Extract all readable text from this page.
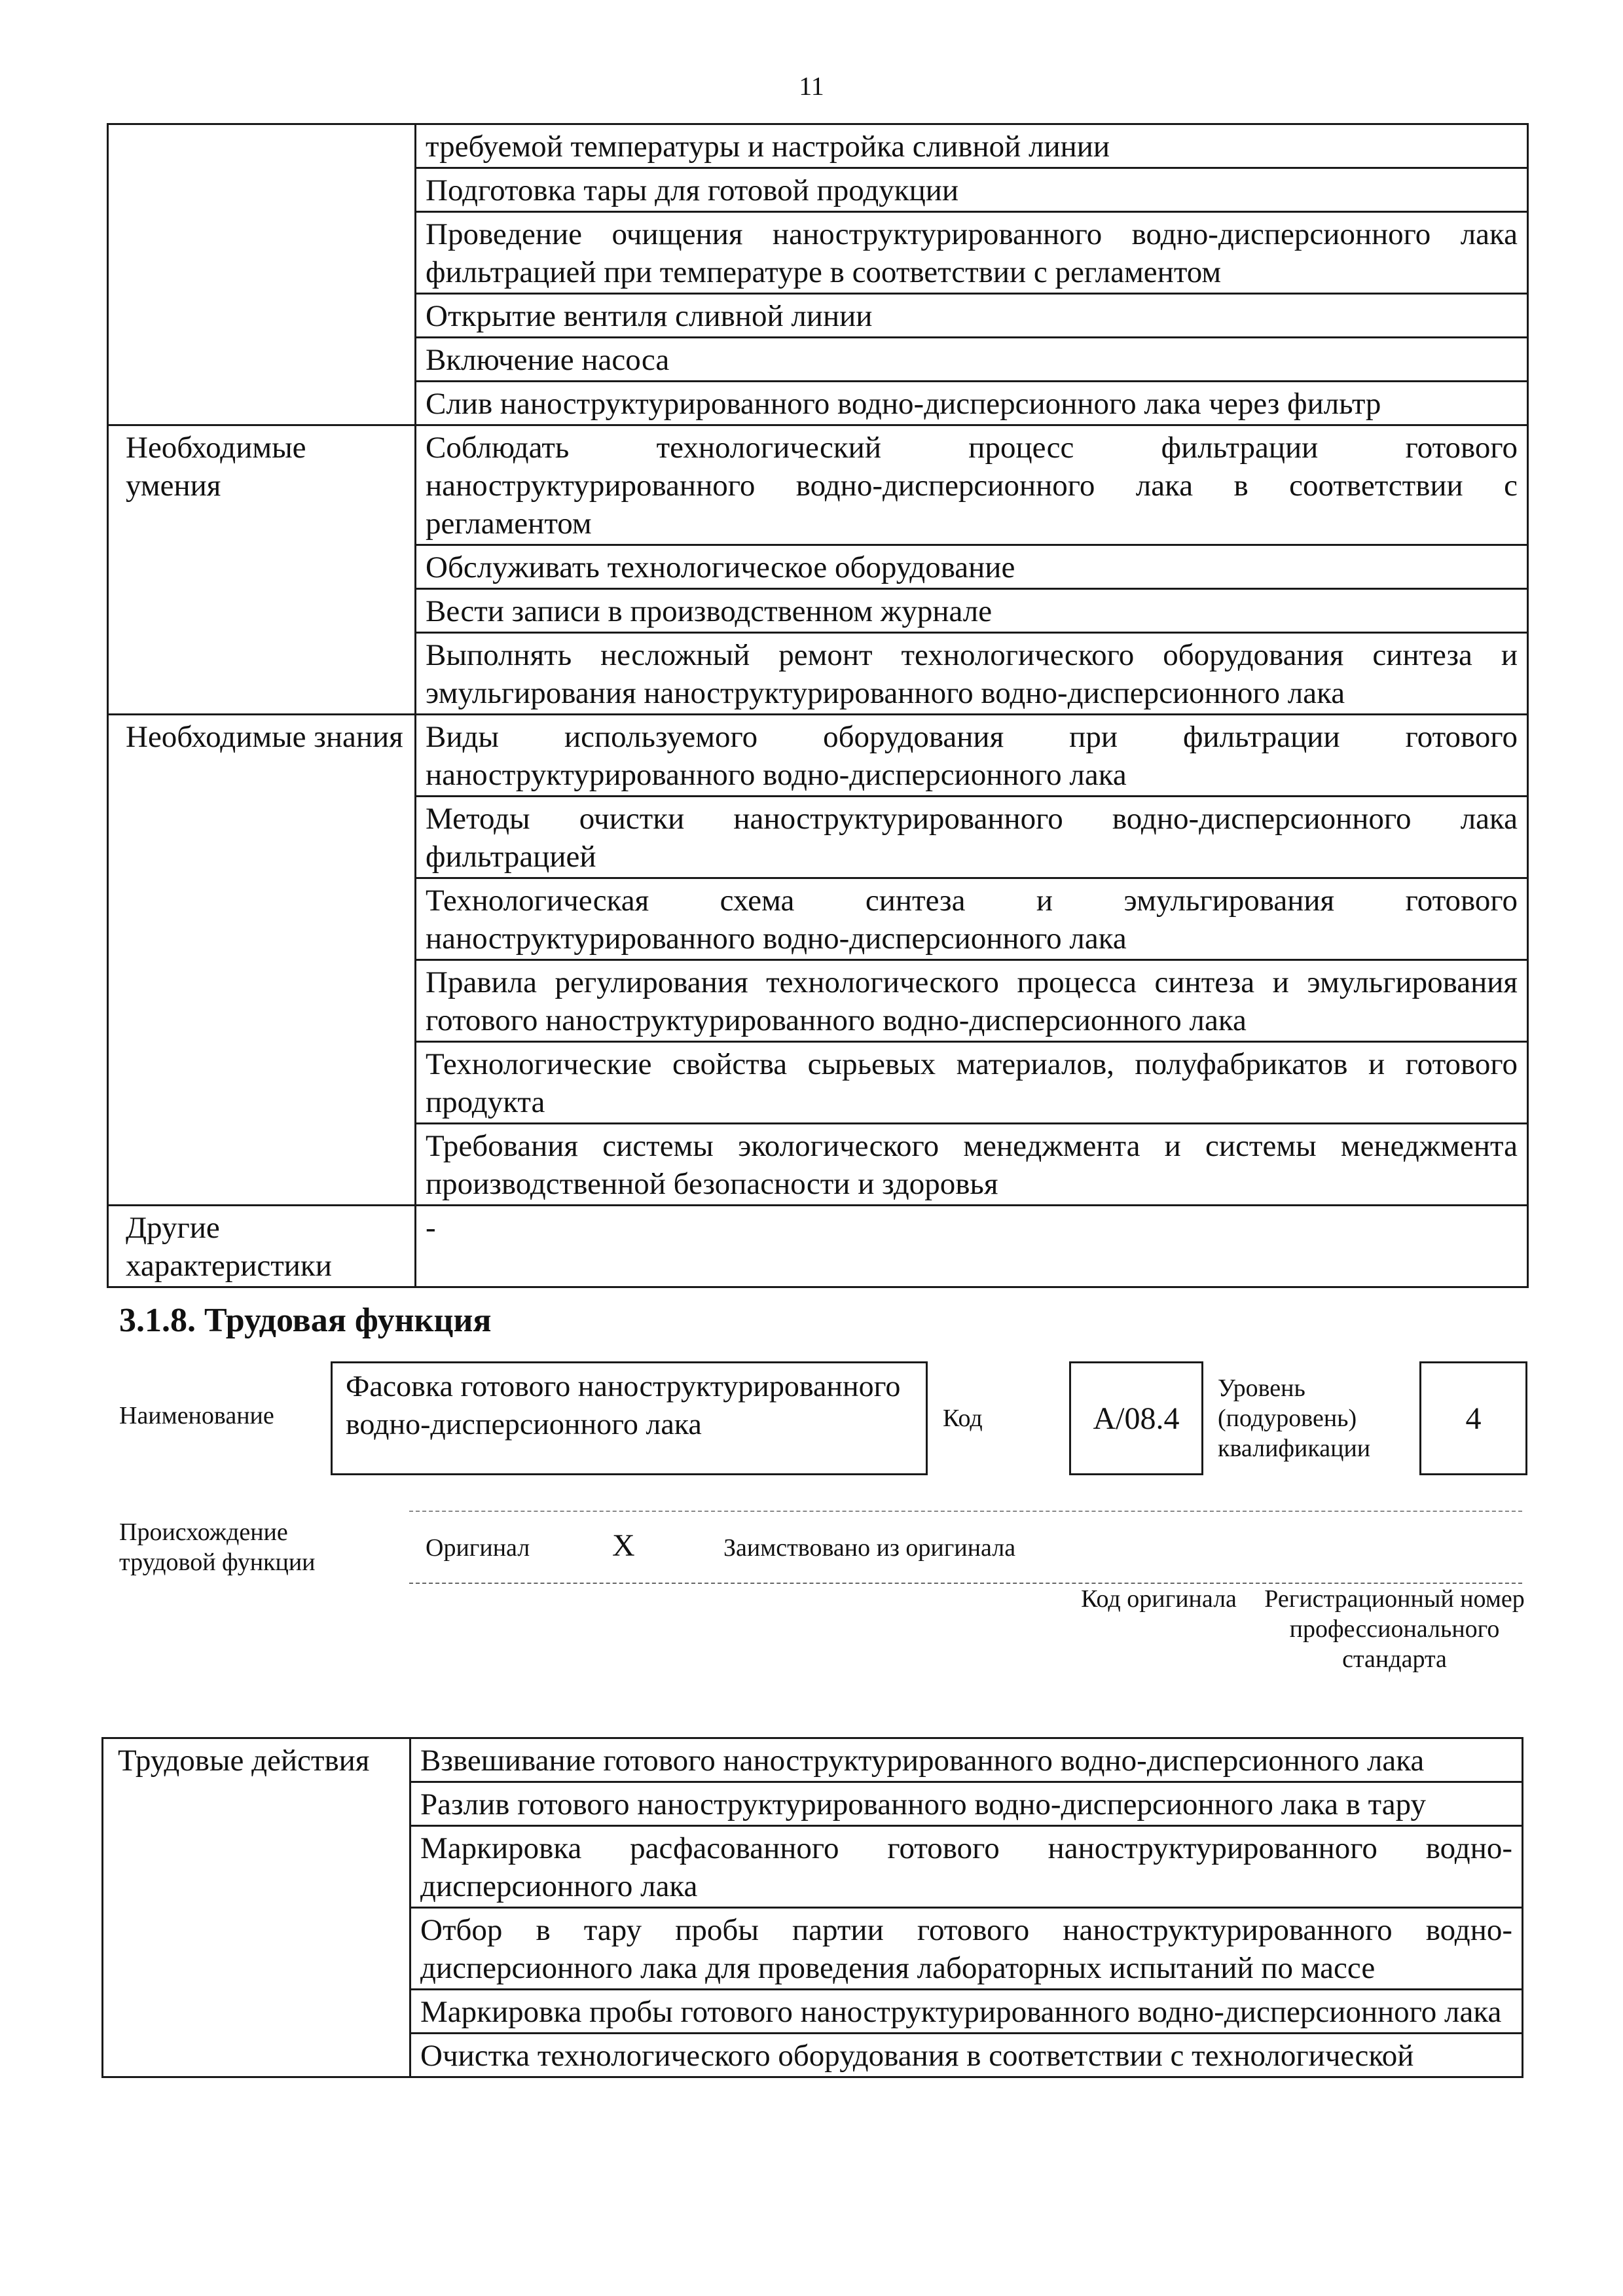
11
	требуемой температуры и настройка сливной линии
	Подготовка тары для готовой продукции
	Проведение очищения наноструктурированного водно-дисперсионного лака фильтрацией при температуре в соответствии с регламентом
	Открытие вентиля сливной линии
	Включение насоса
	Слив наноструктурированного водно-дисперсионного лака через фильтр
Необходимые умения	Соблюдать технологический процесс фильтрации готового наноструктурированного водно-дисперсионного лака в соответствии с регламентом
	Обслуживать технологическое оборудование
	Вести записи в производственном журнале
	Выполнять несложный ремонт технологического оборудования синтеза и эмульгирования наноструктурированного водно-дисперсионного лака
Необходимые знания	Виды используемого оборудования при фильтрации готового наноструктурированного водно-дисперсионного лака
	Методы очистки наноструктурированного водно-дисперсионного лака фильтрацией
	Технологическая схема синтеза и эмульгирования готового наноструктурированного водно-дисперсионного лака
	Правила регулирования технологического процесса синтеза и эмульгирования готового наноструктурированного водно-дисперсионного лака
	Технологические свойства сырьевых материалов, полуфабрикатов и готового продукта
	Требования системы экологического менеджмента и системы менеджмента производственной безопасности и здоровья
Другие характеристики	-
3.1.8. Трудовая функция
Наименование
Фасовка готового наноструктурированного водно-дисперсионного лака	Код	А/08.4
Уровень (подуровень) квалификации
4
Происхождение трудовой функции
Оригинал	X	Заимствовано из оригинала
Код оригинала Регистрационный номер профессионального стандарта
Трудовые действия	Взвешивание готового наноструктурированного водно-дисперсионного лака
Разлив готового наноструктурированного водно-дисперсионного лака в тару
Маркировка расфасованного готового наноструктурированного водно-дисперсионного лака
Отбор в тару пробы партии готового наноструктурированного водно-дисперсионного лака для проведения лабораторных испытаний по массе
Маркировка пробы готового наноструктурированного водно-дисперсионного лака
Очистка технологического оборудования в соответствии с технологической
